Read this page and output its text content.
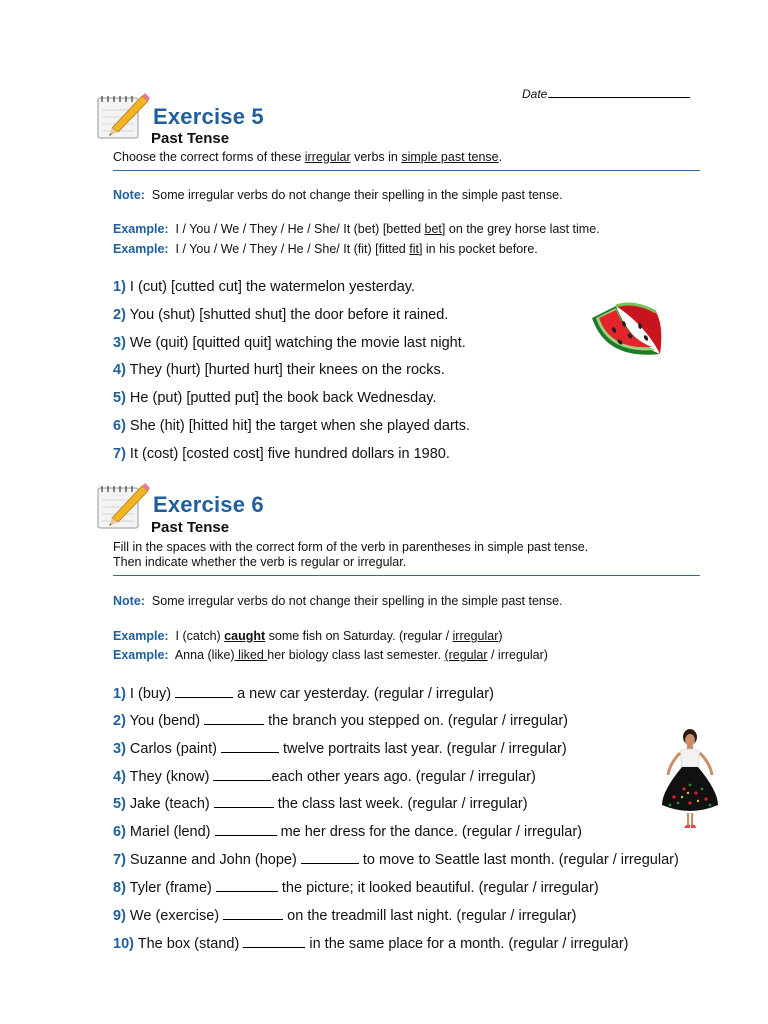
Date
Exercise 5
Past Tense
Choose the correct forms of these irregular verbs in simple past tense.
Note:  Some irregular verbs do not change their spelling in the simple past tense.
Example:  I / You / We / They / He / She/ It (bet) [betted bet] on the grey horse last time.
Example:  I / You / We / They / He / She/ It (fit) [fitted fit] in his pocket before.
1) I (cut) [cutted cut] the watermelon yesterday.
2) You (shut) [shutted shut] the door before it rained.
3) We (quit) [quitted quit] watching the movie last night.
4) They (hurt) [hurted hurt] their knees on the rocks.
5) He (put) [putted put] the book back Wednesday.
6) She (hit) [hitted hit] the target when she played darts.
7) It (cost) [costed cost] five hundred dollars in 1980.
Exercise 6
Past Tense
Fill in the spaces with the correct form of the verb in parentheses in simple past tense.
Then indicate whether the verb is regular or irregular.
Note:  Some irregular verbs do not change their spelling in the simple past tense.
Example:  I (catch) caught some fish on Saturday. (regular / irregular)
Example:  Anna (like) liked her biology class last semester. (regular / irregular)
1) I (buy)	a new car yesterday. (regular / irregular)
2) You (bend)	the branch you stepped on. (regular / irregular)
3) Carlos (paint)	twelve portraits last year. (regular / irregular)
4) They (know)	each other years ago. (regular / irregular)
5) Jake (teach)	the class last week. (regular / irregular)
6) Mariel (lend)	me her dress for the dance. (regular / irregular)
7) Suzanne and John (hope)	to move to Seattle last month. (regular / irregular)
8) Tyler (frame)	the picture; it looked beautiful. (regular / irregular)
9) We (exercise)	on the treadmill last night. (regular / irregular)
10) The box (stand)	in the same place for a month. (regular / irregular)
